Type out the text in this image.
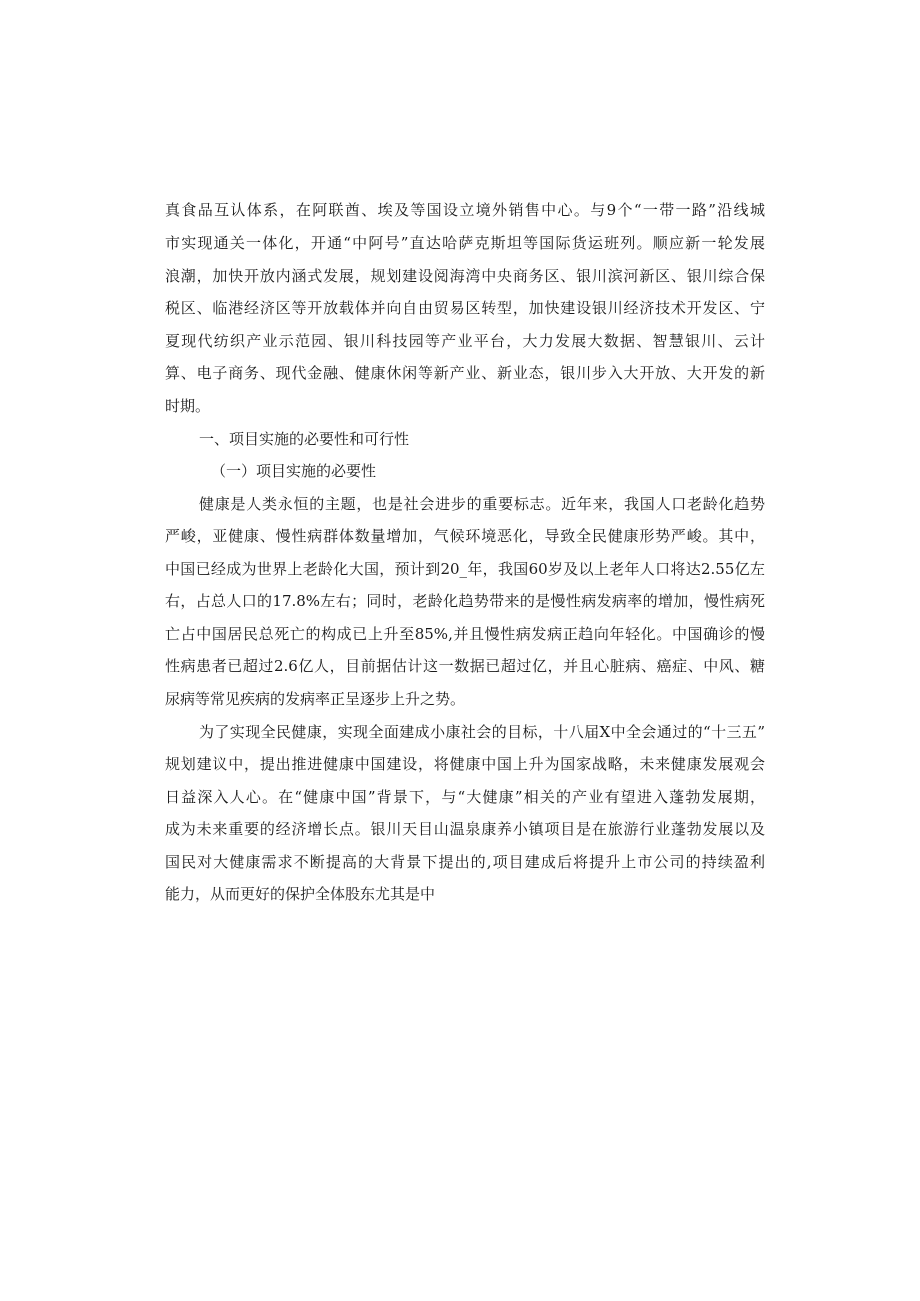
真食品互认体系，在阿联酋、埃及等国设立境外销售中心。与9个“一带一路”沿线城
市实现通关一体化，开通“中阿号”直达哈萨克斯坦等国际货运班列。顺应新一轮发展
浪潮，加快开放内涵式发展，规划建设阅海湾中央商务区、银川滨河新区、银川综合保
税区、临港经济区等开放载体并向自由贸易区转型，加快建设银川经济技术开发区、宁
夏现代纺织产业示范园、银川科技园等产业平台，大力发展大数据、智慧银川、云计
算、电子商务、现代金融、健康休闲等新产业、新业态，银川步入大开放、大开发的新
时期。
一、项目实施的必要性和可行性
（一）项目实施的必要性
健康是人类永恒的主题，也是社会进步的重要标志。近年来，我国人口老龄化趋势
严峻，亚健康、慢性病群体数量增加，气候环境恶化，导致全民健康形势严峻。其中，
中国已经成为世界上老龄化大国，预计到20_年，我国60岁及以上老年人口将达2.55亿左
右，占总人口的17.8%左右；同时，老龄化趋势带来的是慢性病发病率的增加，慢性病死
亡占中国居民总死亡的构成已上升至85%,并且慢性病发病正趋向年轻化。中国确诊的慢
性病患者已超过2.6亿人，目前据估计这一数据已超过亿，并且心脏病、癌症、中风、糖
尿病等常见疾病的发病率正呈逐步上升之势。
为了实现全民健康，实现全面建成小康社会的目标，十八届X中全会通过的“十三五”
规划建议中，提出推进健康中国建设，将健康中国上升为国家战略，未来健康发展观会
日益深入人心。在“健康中国”背景下，与“大健康”相关的产业有望进入蓬勃发展期，
成为未来重要的经济增长点。银川天目山温泉康养小镇项目是在旅游行业蓬勃发展以及
国民对大健康需求不断提高的大背景下提出的,项目建成后将提升上市公司的持续盈利
能力，从而更好的保护全体股东尤其是中
